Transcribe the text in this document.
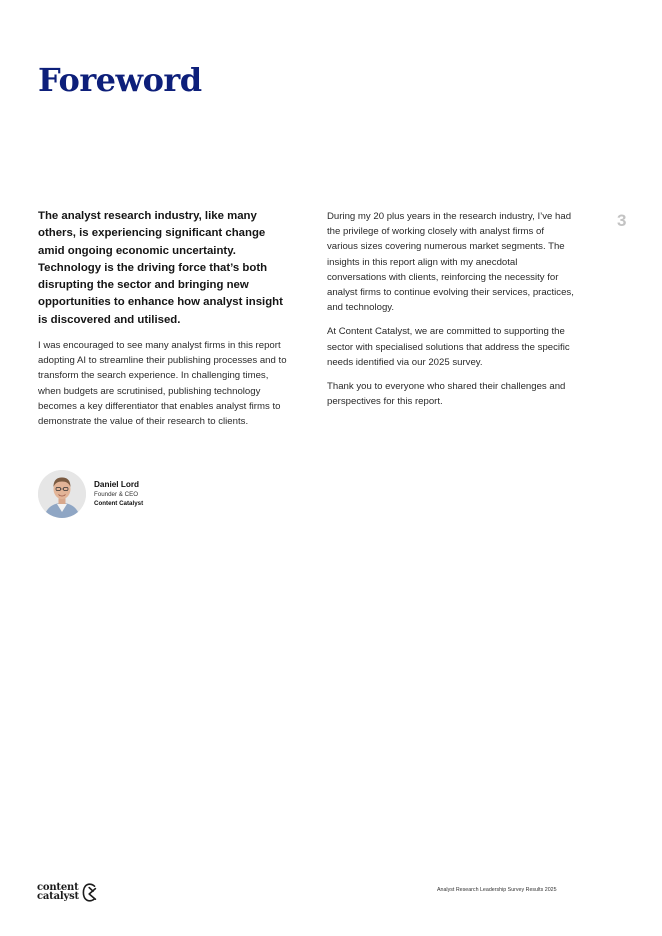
Foreword
3

The analyst research industry, like many others, is experiencing significant change amid ongoing economic uncertainty. Technology is the driving force that’s both disrupting the sector and bringing new opportunities to enhance how analyst insight is discovered and utilised.

I was encouraged to see many analyst firms in this report adopting AI to streamline their publishing processes and to transform the search experience. In challenging times, when budgets are scrutinised, publishing technology becomes a key differentiator that enables analyst firms to demonstrate the value of their research to clients.

During my 20 plus years in the research industry, I’ve had the privilege of working closely with analyst firms of various sizes covering numerous market segments. The insights in this report align with my anecdotal conversations with clients, reinforcing the necessity for analyst firms to continue evolving their services, practices, and technology.

At Content Catalyst, we are committed to supporting the sector with specialised solutions that address the specific needs identified via our 2025 survey.

Thank you to everyone who shared their challenges and perspectives for this report.

Daniel Lord
Founder & CEO
Content Catalyst
content
catalyst
Analyst Research Leadership Survey Results 2025
